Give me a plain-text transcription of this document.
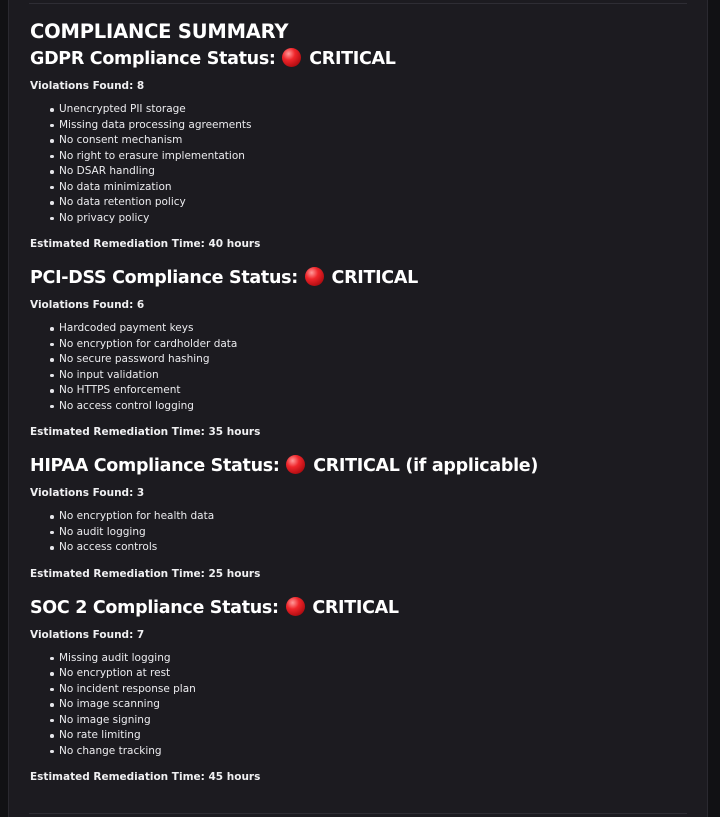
COMPLIANCE SUMMARY
GDPR Compliance Status: CRITICAL
Violations Found: 8
Unencrypted PII storage
Missing data processing agreements
No consent mechanism
No right to erasure implementation
No DSAR handling
No data minimization
No data retention policy
No privacy policy
Estimated Remediation Time: 40 hours
PCI-DSS Compliance Status: CRITICAL
Violations Found: 6
Hardcoded payment keys
No encryption for cardholder data
No secure password hashing
No input validation
No HTTPS enforcement
No access control logging
Estimated Remediation Time: 35 hours
HIPAA Compliance Status: CRITICAL (if applicable)
Violations Found: 3
No encryption for health data
No audit logging
No access controls
Estimated Remediation Time: 25 hours
SOC 2 Compliance Status: CRITICAL
Violations Found: 7
Missing audit logging
No encryption at rest
No incident response plan
No image scanning
No image signing
No rate limiting
No change tracking
Estimated Remediation Time: 45 hours
